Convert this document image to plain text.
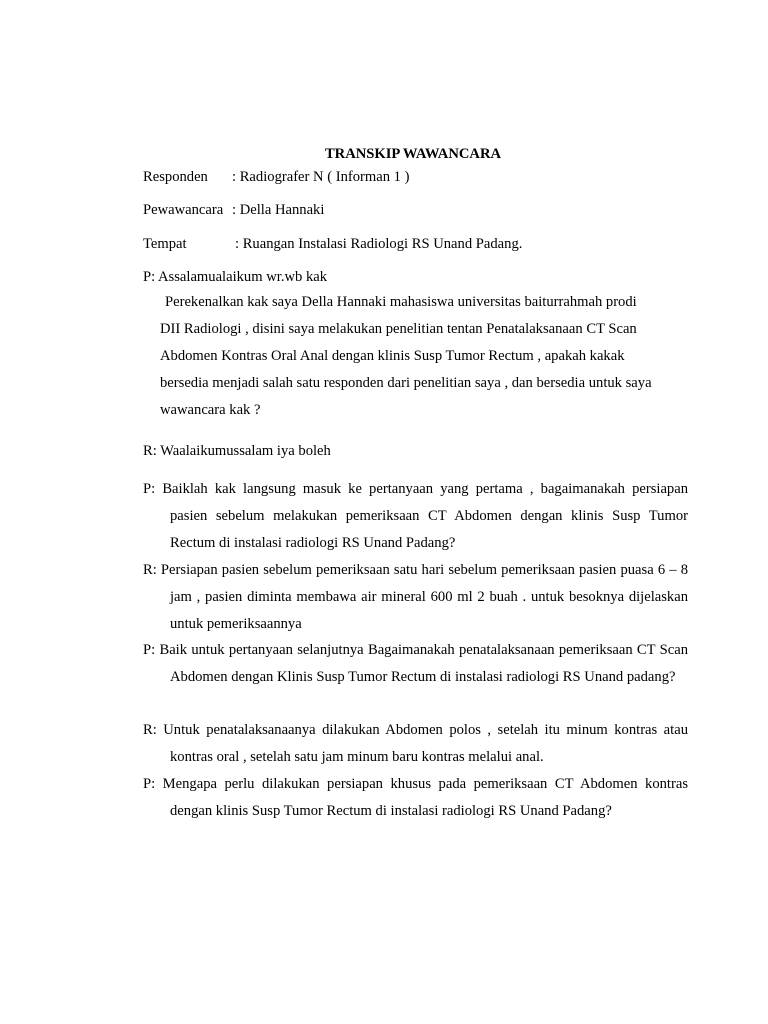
TRANSKIP WAWANCARA
Responden : Radiografer N ( Informan 1 )
Pewawancara : Della Hannaki
Tempat	: Ruangan Instalasi Radiologi RS Unand Padang.
P: Assalamualaikum wr.wb kak
Perekenalkan kak saya Della Hannaki mahasiswa universitas baiturrahmah prodi DII Radiologi , disini saya melakukan penelitian tentan Penatalaksanaan CT Scan Abdomen Kontras Oral Anal dengan klinis Susp Tumor Rectum , apakah kakak bersedia menjadi salah satu responden dari penelitian saya , dan bersedia untuk saya wawancara kak ?
R: Waalaikumussalam iya boleh
P: Baiklah kak langsung masuk ke pertanyaan yang pertama , bagaimanakah persiapan pasien sebelum melakukan pemeriksaan CT Abdomen dengan klinis Susp Tumor Rectum di instalasi radiologi RS Unand Padang?
R: Persiapan pasien sebelum pemeriksaan satu hari sebelum pemeriksaan pasien puasa 6 – 8 jam , pasien diminta membawa air mineral 600 ml 2 buah . untuk besoknya dijelaskan untuk pemeriksaannya
P: Baik untuk pertanyaan selanjutnya Bagaimanakah penatalaksanaan pemeriksaan CT Scan Abdomen dengan Klinis Susp Tumor Rectum di instalasi radiologi RS Unand padang?
R: Untuk penatalaksanaanya dilakukan Abdomen polos , setelah itu minum kontras atau kontras oral , setelah satu jam minum baru kontras melalui anal.
P: Mengapa perlu dilakukan persiapan khusus pada pemeriksaan CT Abdomen kontras dengan klinis Susp Tumor Rectum di instalasi radiologi RS Unand Padang?
